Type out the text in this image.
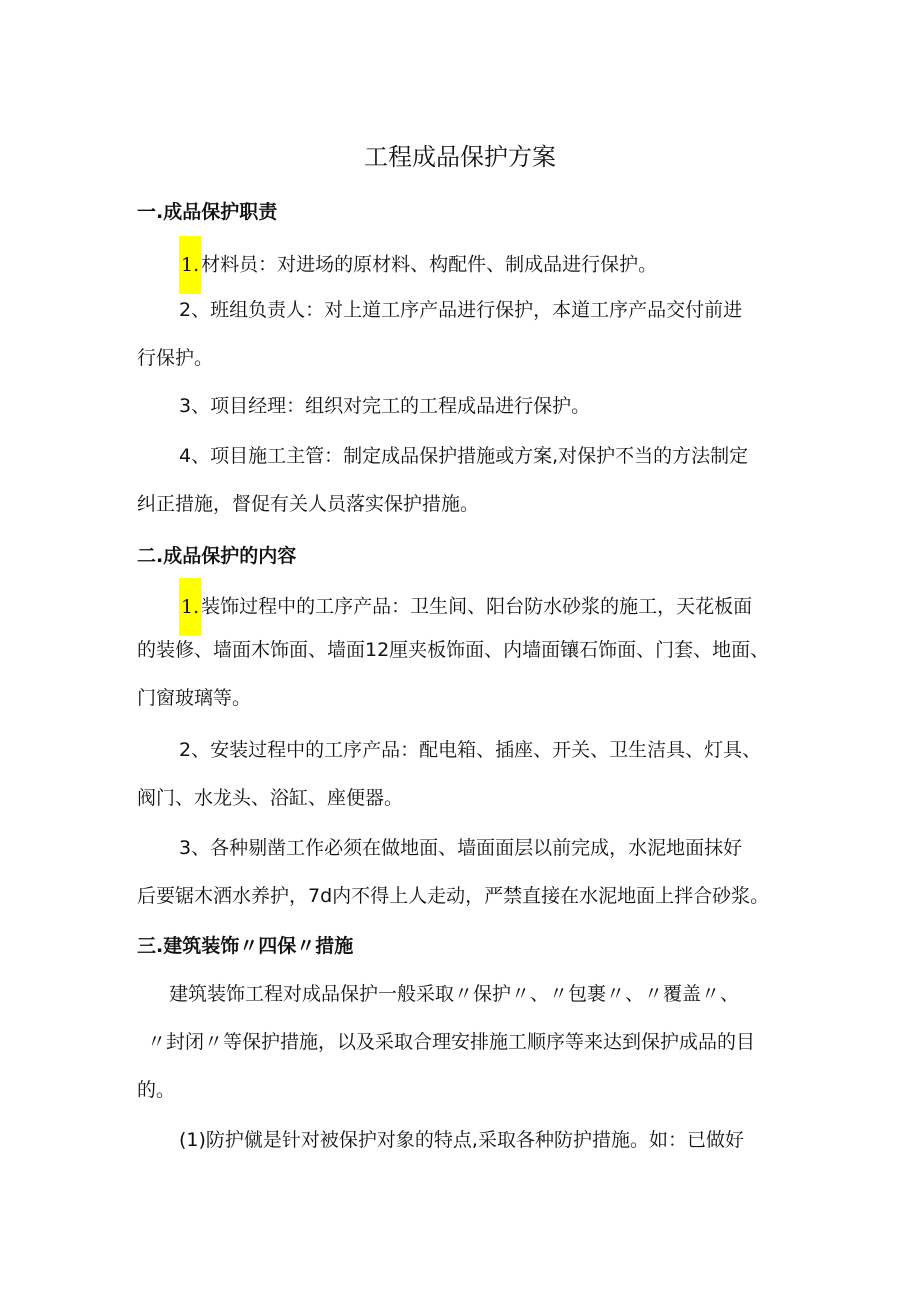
工程成品保护方案
一.成品保护职责
1. 材料员：对进场的原材料、构配件、制成品进行保护。
2、班组负责人：对上道工序产品进行保护，本道工序产品交付前进
行保护。
3、项目经理：组织对完工的工程成品进行保护。
4、项目施工主管：制定成品保护措施或方案,对保护不当的方法制定
纠正措施，督促有关人员落实保护措施。
二.成品保护的内容
1. 装饰过程中的工序产品：卫生间、阳台防水砂浆的施工，天花板面
的装修、墙面木饰面、墙面12厘夹板饰面、内墙面镶石饰面、门套、地面、
门窗玻璃等。
2、安装过程中的工序产品：配电箱、插座、开关、卫生洁具、灯具、
阀门、水龙头、浴缸、座便器。
3、各种剔凿工作必须在做地面、墙面面层以前完成，水泥地面抹好
后要锯木洒水养护，7d内不得上人走动，严禁直接在水泥地面上拌合砂浆。
三.建筑装饰〃四保〃措施
建筑装饰工程对成品保护一般采取〃保护〃、〃包裹〃、〃覆盖〃、
〃封闭〃等保护措施，以及采取合理安排施工顺序等来达到保护成品的目
的。
(1)防护僦是针对被保护对象的特点,采取各种防护措施。如：已做好
